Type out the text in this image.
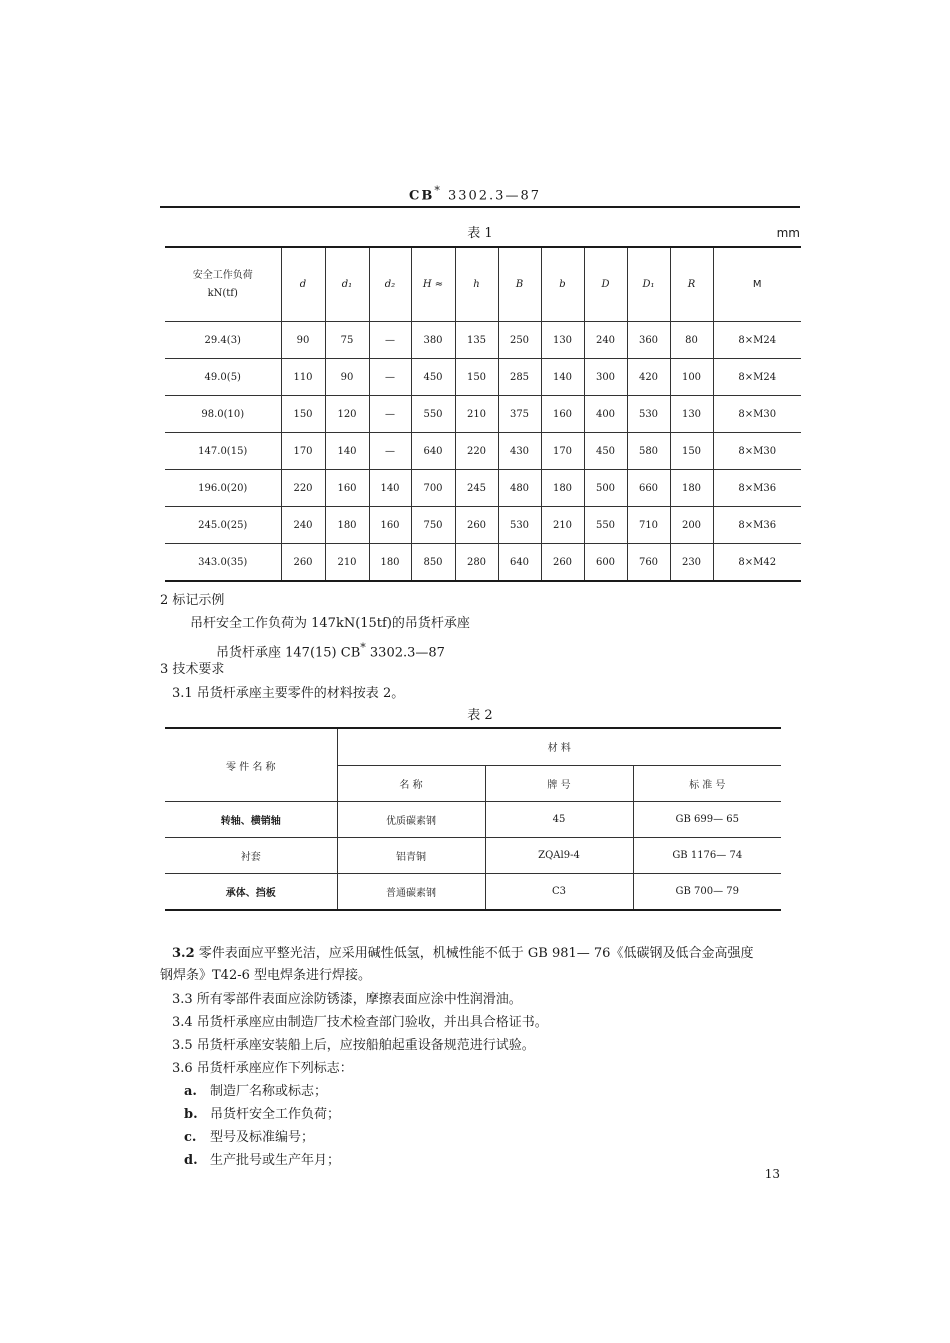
CB* 3302.3—87
表 1	mm
安全工作负荷 kN(tf)	d	d₁	d₂	H ≈	h	B	b	D	D₁	R	M
29.4(3)	90	75	—	380	135	250	130	240	360	80	8×M24
49.0(5)	110	90	—	450	150	285	140	300	420	100	8×M24
98.0(10)	150	120	—	550	210	375	160	400	530	130	8×M30
147.0(15)	170	140	—	640	220	430	170	450	580	150	8×M30
196.0(20)	220	160	140	700	245	480	180	500	660	180	8×M36
245.0(25)	240	180	160	750	260	530	210	550	710	200	8×M36
343.0(35)	260	210	180	850	280	640	260	600	760	230	8×M42
2 标记示例
吊杆安全工作负荷为 147kN(15tf)的吊货杆承座
吊货杆承座 147(15) CB* 3302.3—87
3 技术要求
3.1 吊货杆承座主要零件的材料按表 2。
表 2
零 件 名 称	材 料		
	名 称	牌 号	标 准 号
转轴、横销轴	优质碳素钢	45	GB 699— 65
衬套	铝青铜	ZQAl9-4	GB 1176— 74
承体、挡板	普通碳素钢	C3	GB 700— 79
3.2 零件表面应平整光洁，应采用碱性低氢，机械性能不低于 GB 981— 76《低碳钢及低合金高强度
钢焊条》T42-6 型电焊条进行焊接。
3.3 所有零部件表面应涂防锈漆，摩擦表面应涂中性润滑油。
3.4 吊货杆承座应由制造厂技术检查部门验收，并出具合格证书。
3.5 吊货杆承座安装船上后，应按船舶起重设备规范进行试验。
3.6 吊货杆承座应作下列标志：
a. 制造厂名称或标志；
b. 吊货杆安全工作负荷；
c. 型号及标准编号；
d. 生产批号或生产年月；
13
